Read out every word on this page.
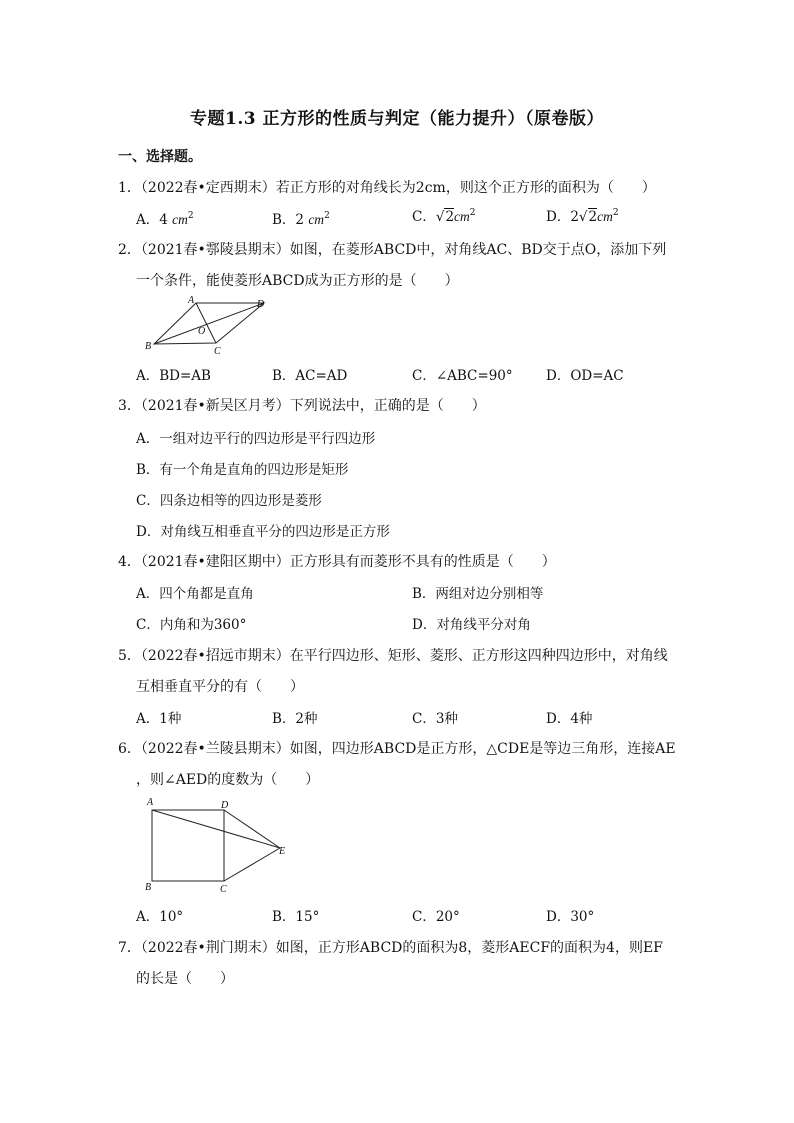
专题1.3 正方形的性质与判定（能力提升）（原卷版）
一、选择题。
1．（2022春•定西期末）若正方形的对角线长为2cm，则这个正方形的面积为（　　）
A．4 $cm^2$	B．2 $cm^2$	C．$√2cm^2$	D．$2√2cm^2$
2．（2021春•鄠陵县期末）如图，在菱形ABCD中，对角线AC、BD交于点O，添加下列
一个条件，能使菱形ABCD成为正方形的是（　　）
A
B	C
D
O
A．BD=AB	B．AC=AD	C．∠ABC=90° D．OD=AC
3．（2021春•新吴区月考）下列说法中，正确的是（　　）
A．一组对边平行的四边形是平行四边形
B．有一个角是直角的四边形是矩形
C．四条边相等的四边形是菱形
D．对角线互相垂直平分的四边形是正方形
4．（2021春•建阳区期中）正方形具有而菱形不具有的性质是（　　）
A．四个角都是直角	B．两组对边分别相等
C．内角和为360°	D．对角线平分对角
5．（2022春•招远市期末）在平行四边形、矩形、菱形、正方形这四种四边形中，对角线
互相垂直平分的有（　　）
A．1种	B．2种	C．3种	D．4种
6．（2022春•兰陵县期末）如图，四边形ABCD是正方形，△CDE是等边三角形，连接AE
，则∠AED的度数为（　　）
A
B	C
D
E
A．10°	B．15°	C．20°	D．30°
7．（2022春•荆门期末）如图，正方形ABCD的面积为8，菱形AECF的面积为4，则EF
的长是（　　）
